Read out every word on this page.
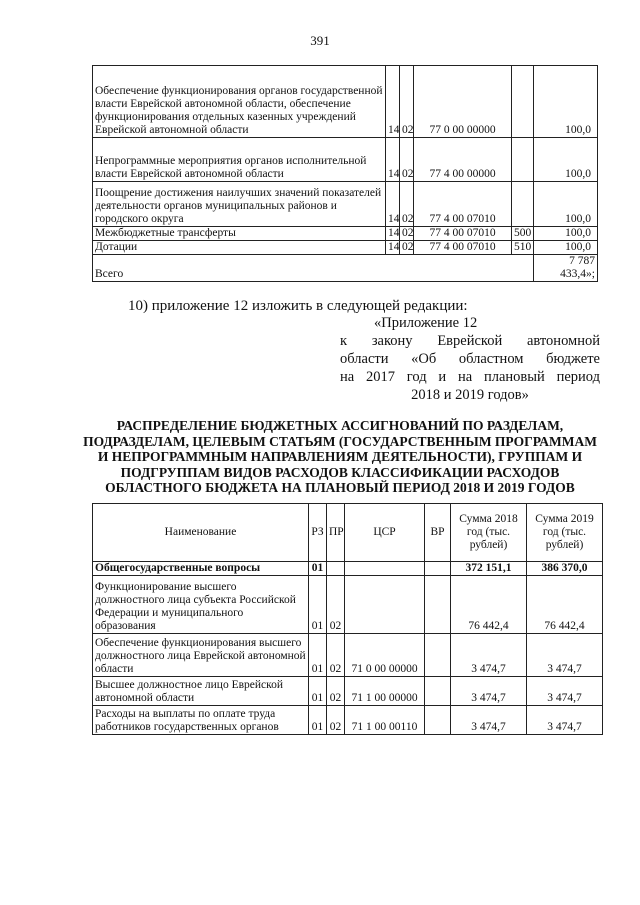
391
Обеспечение функционирования органов государственной власти Еврейской автономной области, обеспечение функционирования отдельных казенных учреждений Еврейской автономной области	14	02	77 0 00 00000		100,0
Непрограммные мероприятия органов исполнительной власти Еврейской автономной области	14	02	77 4 00 00000		100,0
Поощрение достижения наилучших значений показателей деятельности органов муниципальных районов и городского округа	14	02	77 4 00 07010		100,0
Межбюджетные трансферты	14	02	77 4 00 07010	500	100,0
Дотации	14	02	77 4 00 07010	510	100,0
Всего					7 787 433,4»;
10) приложение 12 изложить в следующей редакции:
«Приложение 12
к закону Еврейской автономной
области «Об областном бюджете
на 2017 год и на плановый период
2018 и 2019 годов»
РАСПРЕДЕЛЕНИЕ БЮДЖЕТНЫХ АССИГНОВАНИЙ ПО РАЗДЕЛАМ,
ПОДРАЗДЕЛАМ, ЦЕЛЕВЫМ СТАТЬЯМ (ГОСУДАРСТВЕННЫМ ПРОГРАММАМ
И НЕПРОГРАММНЫМ НАПРАВЛЕНИЯМ ДЕЯТЕЛЬНОСТИ), ГРУППАМ И
ПОДГРУППАМ ВИДОВ РАСХОДОВ КЛАССИФИКАЦИИ РАСХОДОВ
ОБЛАСТНОГО БЮДЖЕТА НА ПЛАНОВЫЙ ПЕРИОД 2018 И 2019 ГОДОВ
Наименование	РЗ	ПР	ЦСР	ВР	Сумма 2018 год (тыс. рублей)	Сумма 2019 год (тыс. рублей)
Общегосударственные вопросы	01				372 151,1	386 370,0
Функционирование высшего должностного лица субъекта Российской Федерации и муниципального образования	01	02			76 442,4	76 442,4
Обеспечение функционирования высшего должностного лица Еврейской автономной области	01	02	71 0 00 00000		3 474,7	3 474,7
Высшее должностное лицо Еврейской автономной области	01	02	71 1 00 00000		3 474,7	3 474,7
Расходы на выплаты по оплате труда работников государственных органов	01	02	71 1 00 00110		3 474,7	3 474,7
